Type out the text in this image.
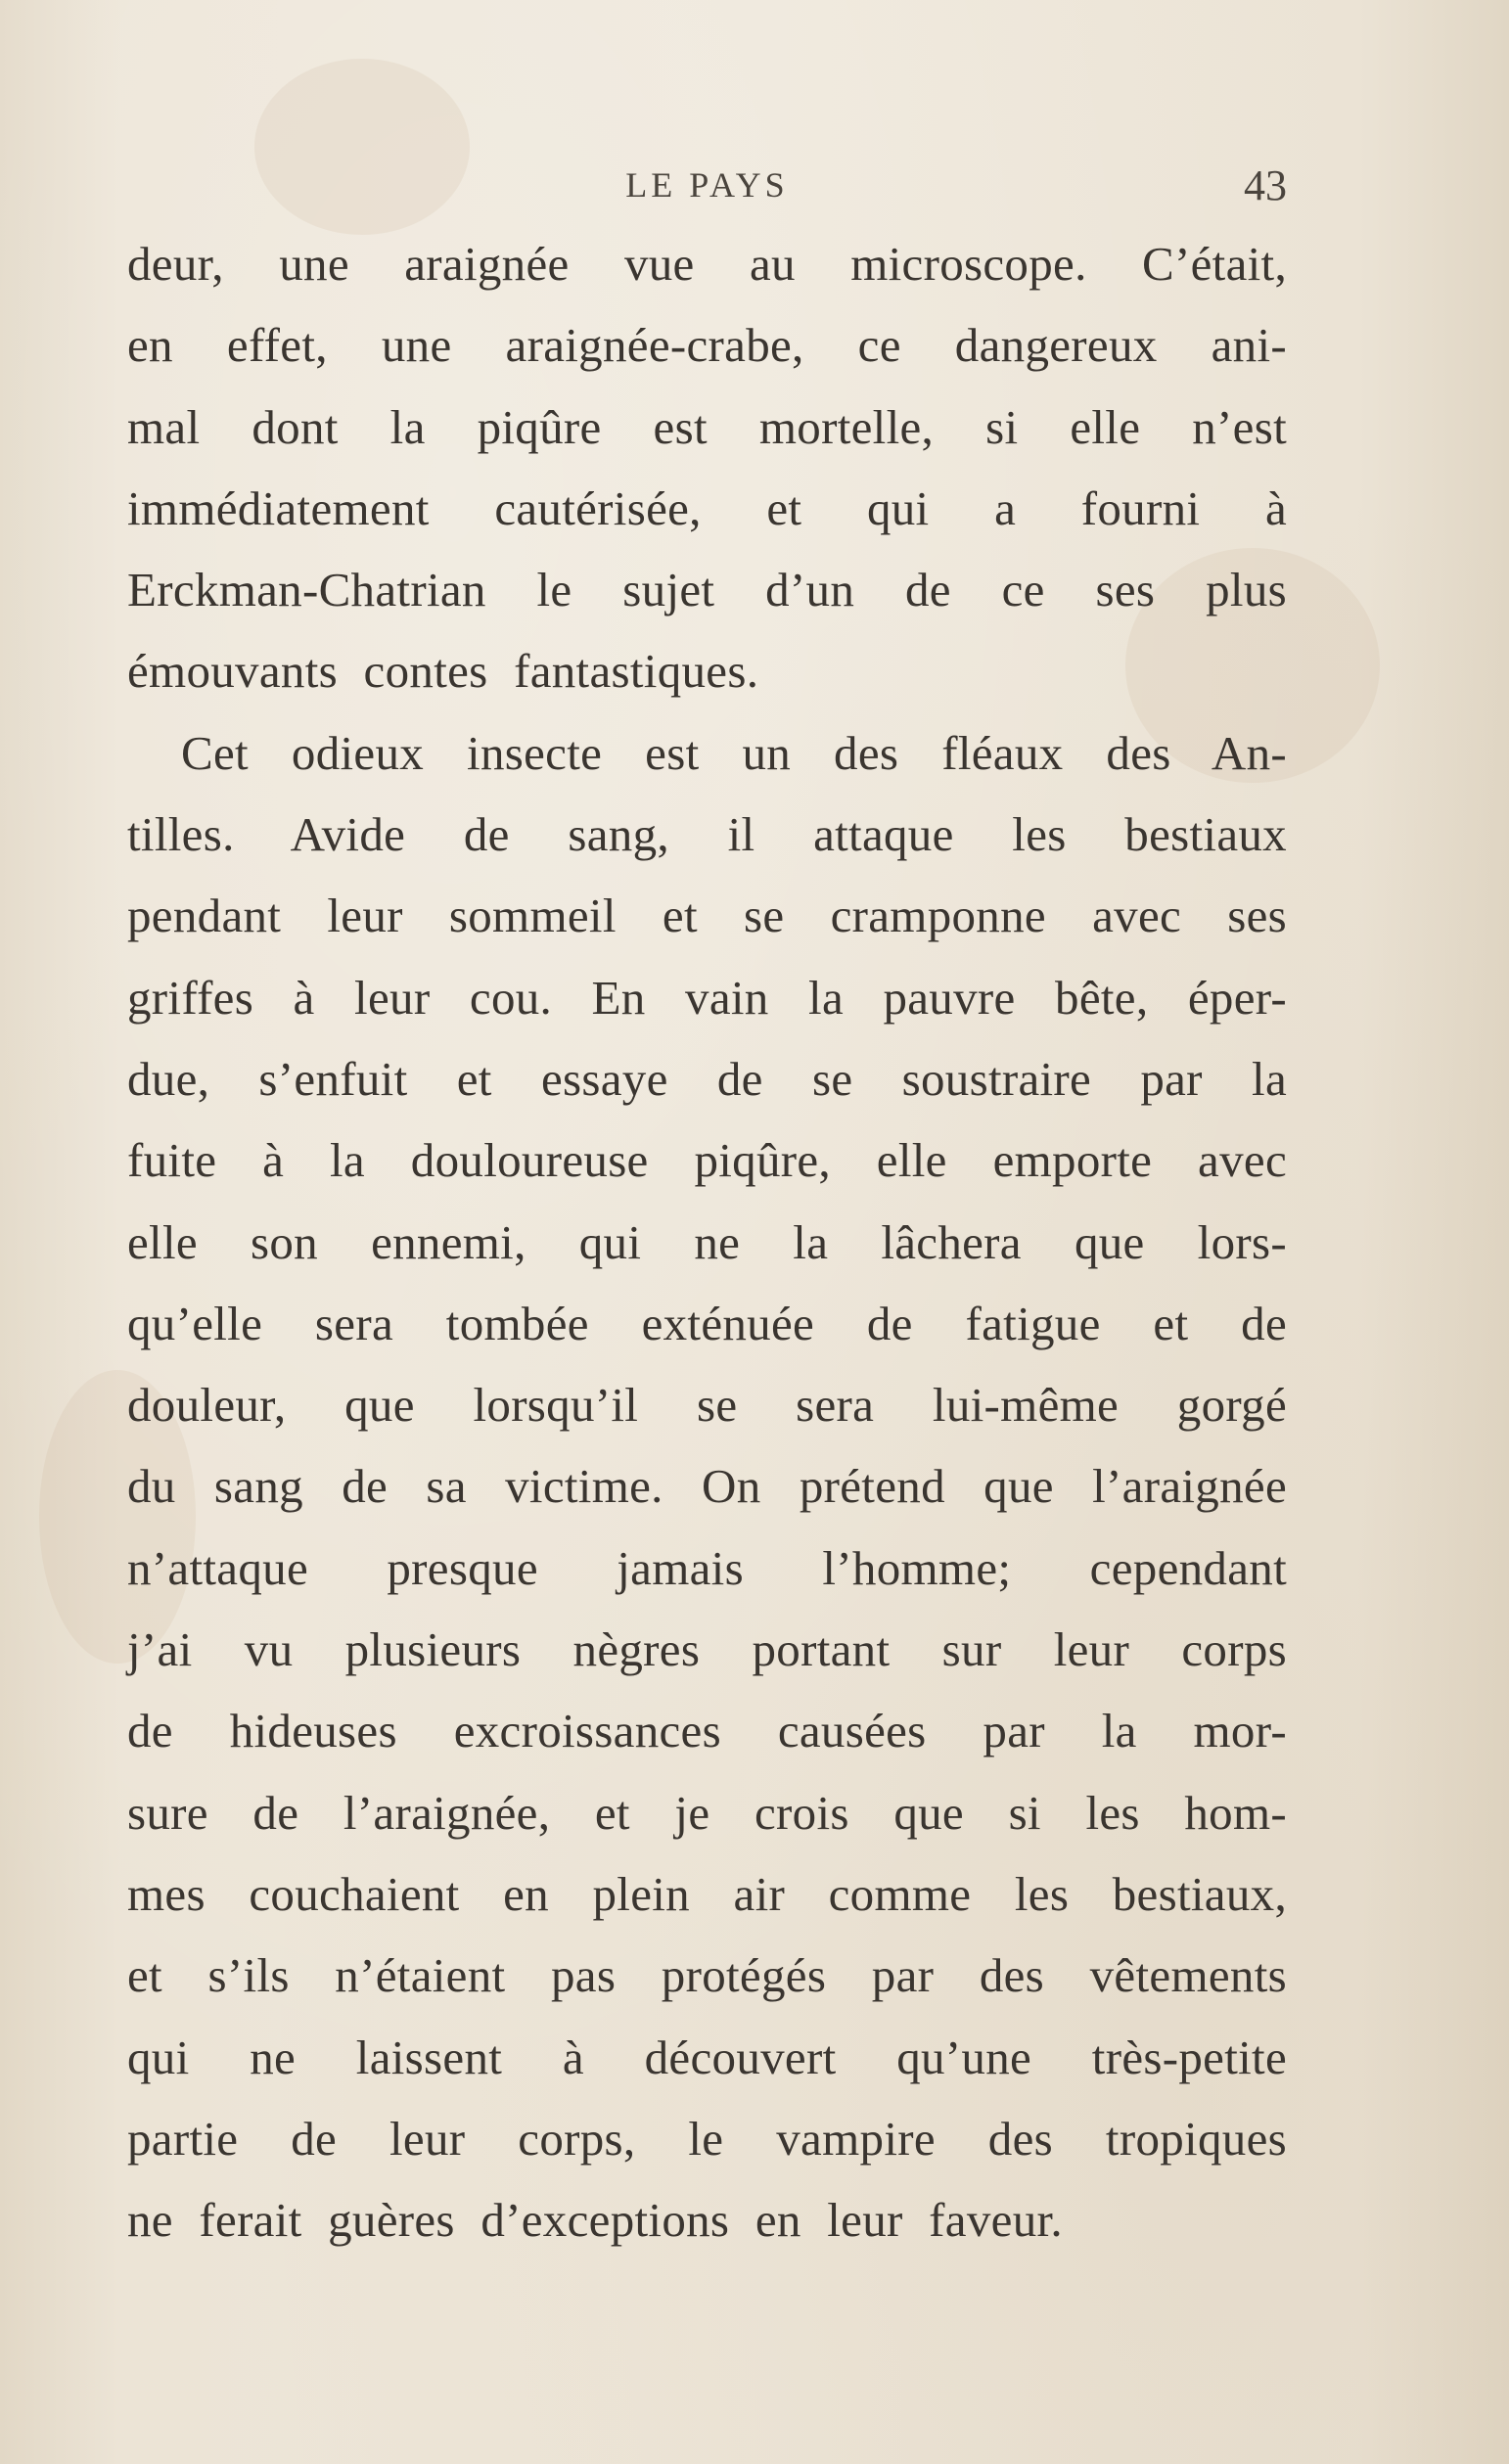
LE PAYS	43
deur, une araignée vue au microscope. C’était,
en effet, une araignée-crabe, ce dangereux ani-
mal dont la piqûre est mortelle, si elle n’est
immédiatement cautérisée, et qui a fourni à
Erckman-Chatrian le sujet d’un de ce ses plus
émouvants contes fantastiques.
Cet odieux insecte est un des fléaux des An-
tilles. Avide de sang, il attaque les bestiaux
pendant leur sommeil et se cramponne avec ses
griffes à leur cou. En vain la pauvre bête, éper-
due, s’enfuit et essaye de se soustraire par la
fuite à la douloureuse piqûre, elle emporte avec
elle son ennemi, qui ne la lâchera que lors-
qu’elle sera tombée exténuée de fatigue et de
douleur, que lorsqu’il se sera lui-même gorgé
du sang de sa victime. On prétend que l’araignée
n’attaque presque jamais l’homme; cependant
j’ai vu plusieurs nègres portant sur leur corps
de hideuses excroissances causées par la mor-
sure de l’araignée, et je crois que si les hom-
mes couchaient en plein air comme les bestiaux,
et s’ils n’étaient pas protégés par des vêtements
qui ne laissent à découvert qu’une très-petite
partie de leur corps, le vampire des tropiques
ne ferait guères d’exceptions en leur faveur.
